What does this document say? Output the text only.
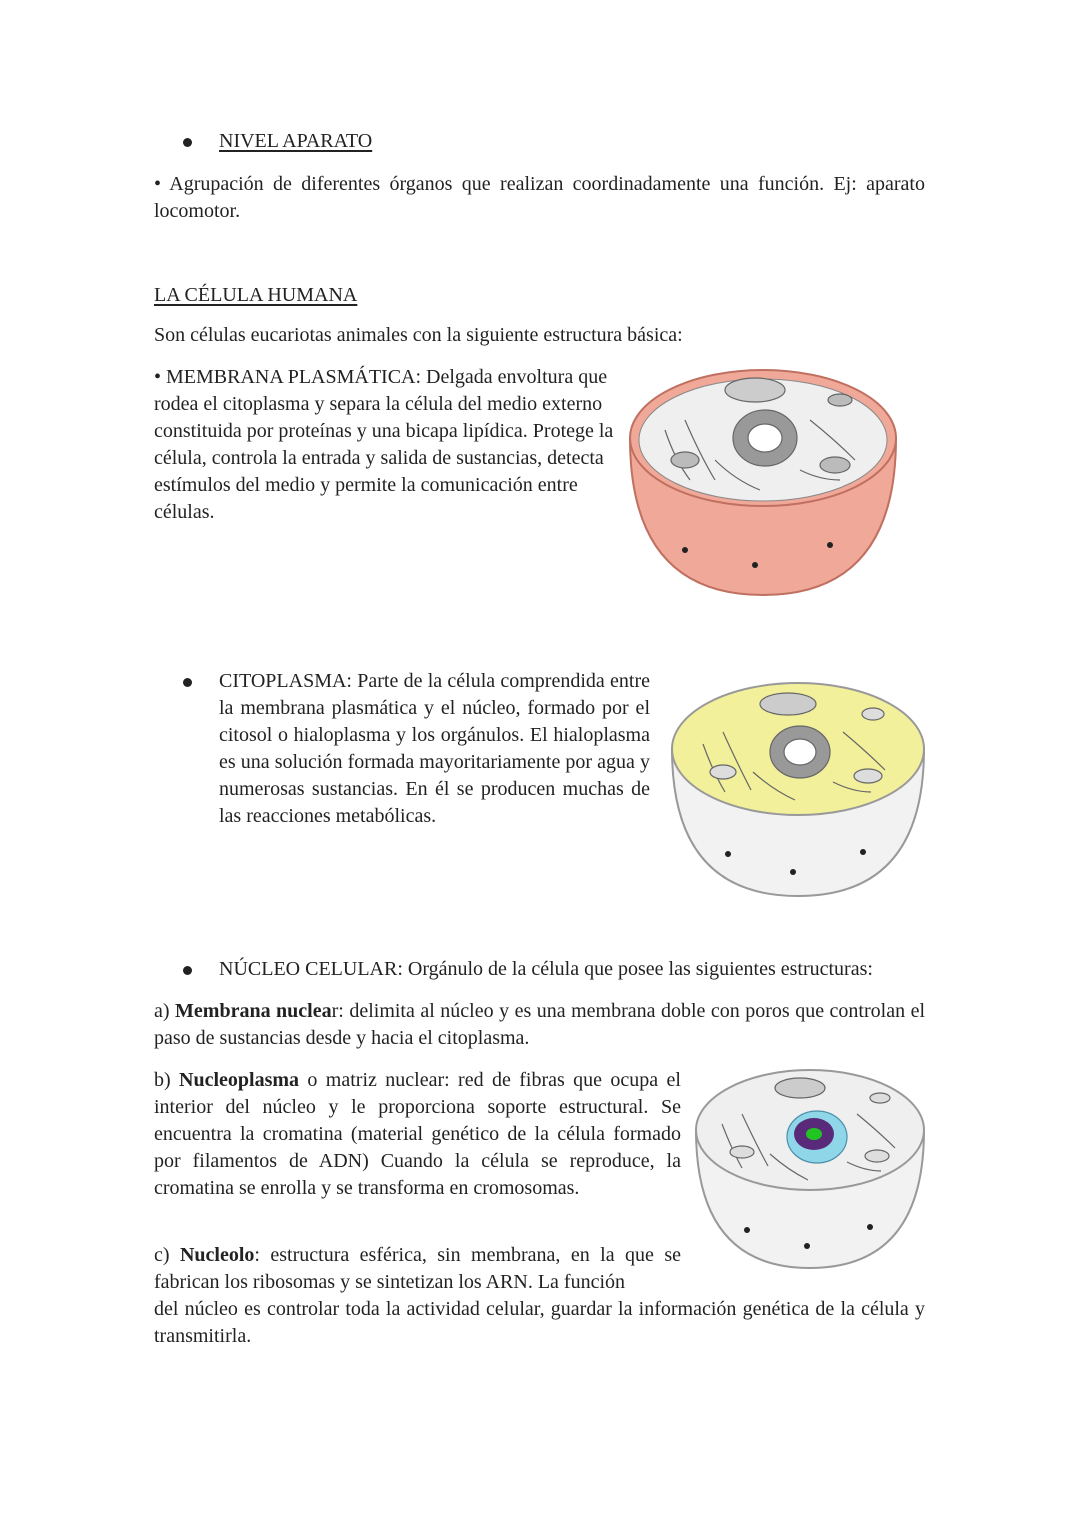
NIVEL APARATO
• Agrupación de diferentes órganos que realizan coordinadamente una función. Ej: aparato locomotor.
LA CÉLULA HUMANA
Son células eucariotas animales con la siguiente estructura básica:
• MEMBRANA PLASMÁTICA: Delgada envoltura que rodea el citoplasma y separa la célula del medio externo constituida por proteínas y una bicapa lipídica. Protege la célula, controla la entrada y salida de sustancias, detecta estímulos del medio y permite la comunicación entre células.
CITOPLASMA: Parte de la célula comprendida entre la membrana plasmática y el núcleo, formado por el citosol o hialoplasma y los orgánulos. El hialoplasma es una solución formada mayoritariamente por agua y numerosas sustancias. En él se producen muchas de las reacciones metabólicas.
NÚCLEO CELULAR: Orgánulo de la célula que posee las siguientes estructuras:
a) Membrana nuclear: delimita al núcleo y es una membrana doble con poros que controlan el paso de sustancias desde y hacia el citoplasma.
b) Nucleoplasma o matriz nuclear: red de fibras que ocupa el interior del núcleo y le proporciona soporte estructural. Se encuentra la cromatina (material genético de la célula formado por filamentos de ADN) Cuando la célula se reproduce, la cromatina se enrolla y se transforma en cromosomas.
c) Nucleolo: estructura esférica, sin membrana, en la que se fabrican los ribosomas y se sintetizan los ARN. La función
del núcleo es controlar toda la actividad celular, guardar la información genética de la célula y transmitirla.
